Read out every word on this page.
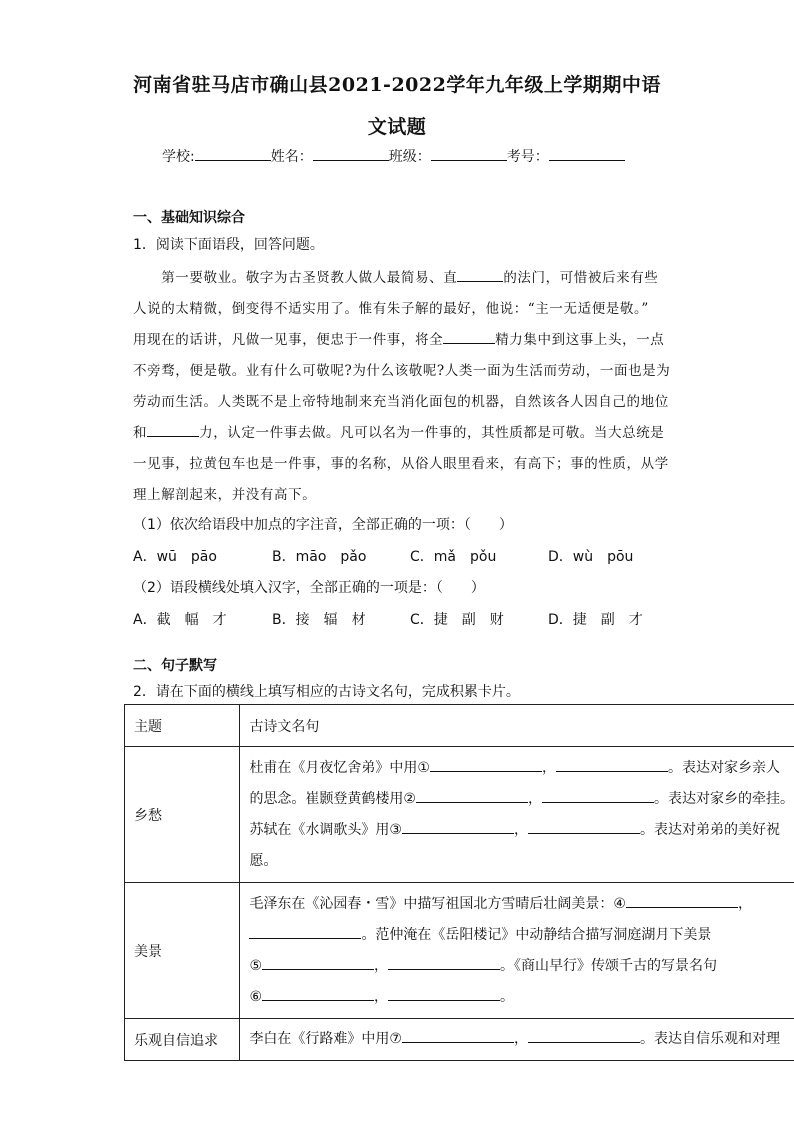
河南省驻马店市确山县2021-2022学年九年级上学期期中语
文试题
学校:	姓名：	班级：	考号：
一、基础知识综合
1．阅读下面语段，回答问题。
　　第一要敬业。敬字为古圣贤教人做人最简易、直	的法门，可惜被后来有些
人说的太精微，倒变得不适实用了。惟有朱子解的最好，他说：“主一无适便是敬。”
用现在的话讲，凡做一见事，便忠于一件事，将全	精力集中到这事上头，一点
不旁骛，便是敬。业有什么可敬呢?为什么该敬呢?人类一面为生活而劳动，一面也是为
劳动而生活。人类既不是上帝特地制来充当消化面包的机器，自然该各人因自己的地位
和	力，认定一件事去做。凡可以名为一件事的，其性质都是可敬。当大总统是
一见事，拉黄包车也是一件事，事的名称，从俗人眼里看来，有高下；事的性质，从学
理上解剖起来，并没有高下。
（1）依次给语段中加点的字注音，全部正确的一项：（　　）
A．wū　pāo	B．māo　pǎo	C．mǎ　pǒu	D．wù　pōu
（2）语段横线处填入汉字，全部正确的一项是：（　　）
A．截　幅　才	B．接　辐　材	C．捷　副　财	D．捷　副　才
二、句子默写
2．请在下面的横线上填写相应的古诗文名句，完成积累卡片。
主题	古诗文名句
乡愁	杜甫在《月夜忆舍弟》中用① ， 。表达对家乡亲人
的思念。崔颢登黄鹤楼用② ， 。表达对家乡的牵挂。
苏轼在《水调歌头》用③ ， 。表达对弟弟的美好祝
愿。

美景	毛泽东在《沁园春・雪》中描写祖国北方雪晴后壮阔美景：④ ，
。范仲淹在《岳阳楼记》中动静结合描写洞庭湖月下美景
⑤ ， 。《商山早行》传颂千古的写景名句
⑥ ， 。

乐观自信追求	李白在《行路难》中用⑦ ， 。表达自信乐观和对理
